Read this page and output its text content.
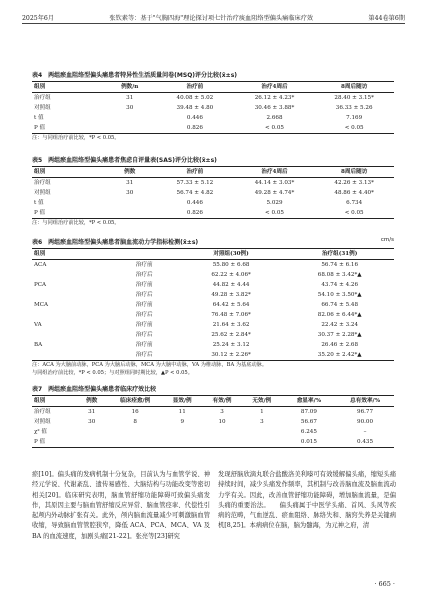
2025年6月	张钦素等：基于"气胸四海"理论探讨项七针治疗痰血阻络型偏头痛临床疗效	第44卷第6期
表4　两组瘀血阻络型偏头痛患者特异性生活质量问卷(MSQ)评分比较(x̄±s)
组别	例数/n	治疗前	治疗4周后	8周后随访
治疗组	31	40.08 ± 5.02	26.12 ± 4.23*	28.40 ± 3.15*
对照组	30	39.48 ± 4.80	30.46 ± 3.88*	36.33 ± 5.26
t 值		0.446	2.668	7.169
P 值		0.826	< 0.05	< 0.05
注：与同组治疗前比较，*P < 0.05。
表5　两组瘀血阻络型偏头痛患者焦虑自评量表(SAS)评分比较(x̄±s)
组别	例数	治疗前	治疗4周后	8周后随访
治疗组	31	57.33 ± 5.12	44.14 ± 3.03*	42.26 ± 3.13*
对照组	30	56.74 ± 4.82	49.28 ± 4.74*	48.86 ± 4.40*
t 值		0.446	5.029	6.734
P 值		0.826	< 0.05	< 0.05
注：与同组治疗前比较，*P < 0.05。
表6　两组瘀血阻络型偏头痛患者脑血流动力学指标检测(x̄±s)	cm/s
组别		对照组(30例)	治疗组(31例)
ACA	治疗前	55.80 ± 6.68	56.74 ± 6.16
	治疗后	62.22 ± 4.06*	68.08 ± 3.42*▲
PCA	治疗前	44.82 ± 4.44	43.74 ± 4.26
	治疗后	49.28 ± 3.82*	54.10 ± 3.50*▲
MCA	治疗前	64.42 ± 5.64	66.74 ± 5.48
	治疗后	76.48 ± 7.06*	82.06 ± 6.44*▲
VA	治疗前	21.64 ± 3.62	22.42 ± 3.24
	治疗后	25.62 ± 2.84*	30.37 ± 2.28*▲
BA	治疗前	25.24 ± 3.12	26.46 ± 2.68
	治疗后	30.12 ± 2.26*	35.20 ± 2.42*▲
注：ACA 为大脑前动脉，PCA 为大脑后动脉，MCA 为大脑中动脉，VA 为椎动脉，BA 为基底动脉。
与同组治疗前比较，*P < 0.05；与对照组同时期比较，▲P < 0.05。
表7　两组瘀血阻络型偏头痛患者临床疗效比较
组别	例数	临床痊愈/例	显效/例	有效/例	无效/例	愈显率/%	总有效率/%
治疗组	31	16	11	3	1	87.09	96.77
对照组	30	8	9	10	3	56.67	90.00
χ² 值						6.245	–
P 值						0.015	0.435
瘀[10]。偏头痛的发病机制十分复杂，目前认为与血管学说、神经元学说、代谢紊乱、遗传易感性、大脑结构与功能改变等密切相关[20]。临床研究表明，脑血管舒缩功能障碍可致偏头痛发作，其原因主要与脑血管舒缩反应异常、脑血管痉挛、代偿性引起颅内外动脉扩张有关。此外，颅内脑血流量减少可刺激脑血管收缩，导致脑血管管腔狭窄，降低 ACA、PCA、MCA、VA 及 BA 的血流速度，加剧头痛[21-22]。张亮等[23]研究
发现舒脑欣滴丸联合盐酸洛美利嗪可有效缓解偏头痛，缩短头痛持续时间，减少头痛发作频率，其机制与改善脑血流及脑血流动力学有关。因此，改善血管舒缩功能障碍，增加脑血流量，是偏头痛的重要治法。　　偏头痛属于中医学头痛、首风、头风等疾病的范畴，气血逆乱、瘀血阻络、脉络失和、脑窍失养是关键病机[8,25]。本病病位在脑，脑为髓海，为元神之府，清
· 665 ·
